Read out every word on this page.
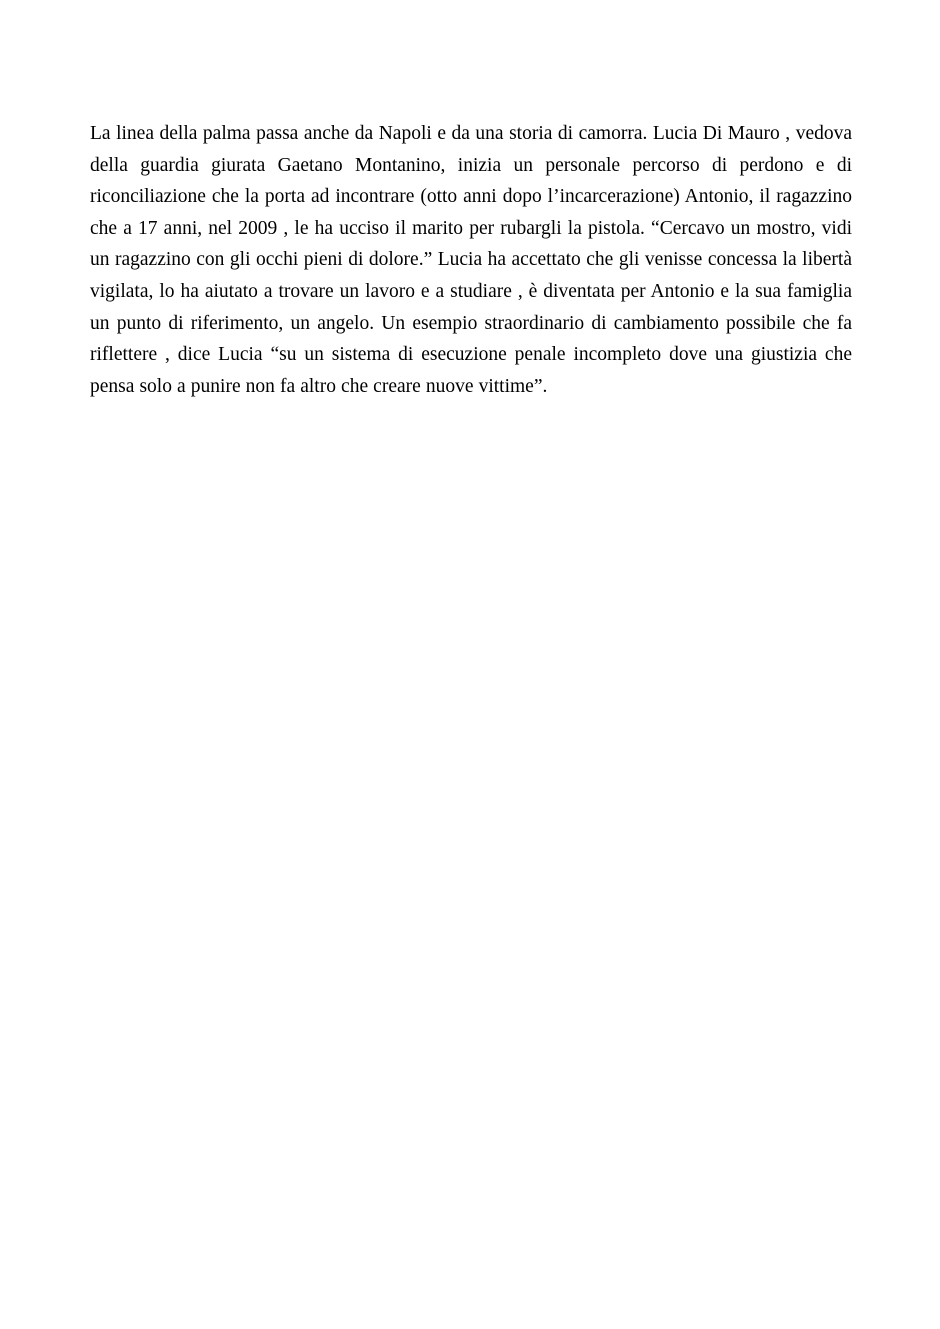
La linea della palma passa anche da Napoli e da una storia di camorra. Lucia Di Mauro , vedova della guardia giurata Gaetano Montanino, inizia un personale percorso di perdono e di riconciliazione che la porta ad incontrare (otto anni dopo l’incarcerazione) Antonio, il ragazzino che a 17 anni, nel 2009 , le ha ucciso il marito per rubargli la pistola. “Cercavo un mostro, vidi un ragazzino con gli occhi pieni di dolore.” Lucia ha accettato che gli venisse concessa la libertà vigilata, lo ha aiutato a trovare un lavoro e a studiare , è diventata per Antonio e la sua famiglia un punto di riferimento, un angelo. Un esempio straordinario di cambiamento possibile che fa riflettere , dice Lucia “su un sistema di esecuzione penale incompleto dove una giustizia che pensa solo a punire non fa altro che creare nuove vittime”.
